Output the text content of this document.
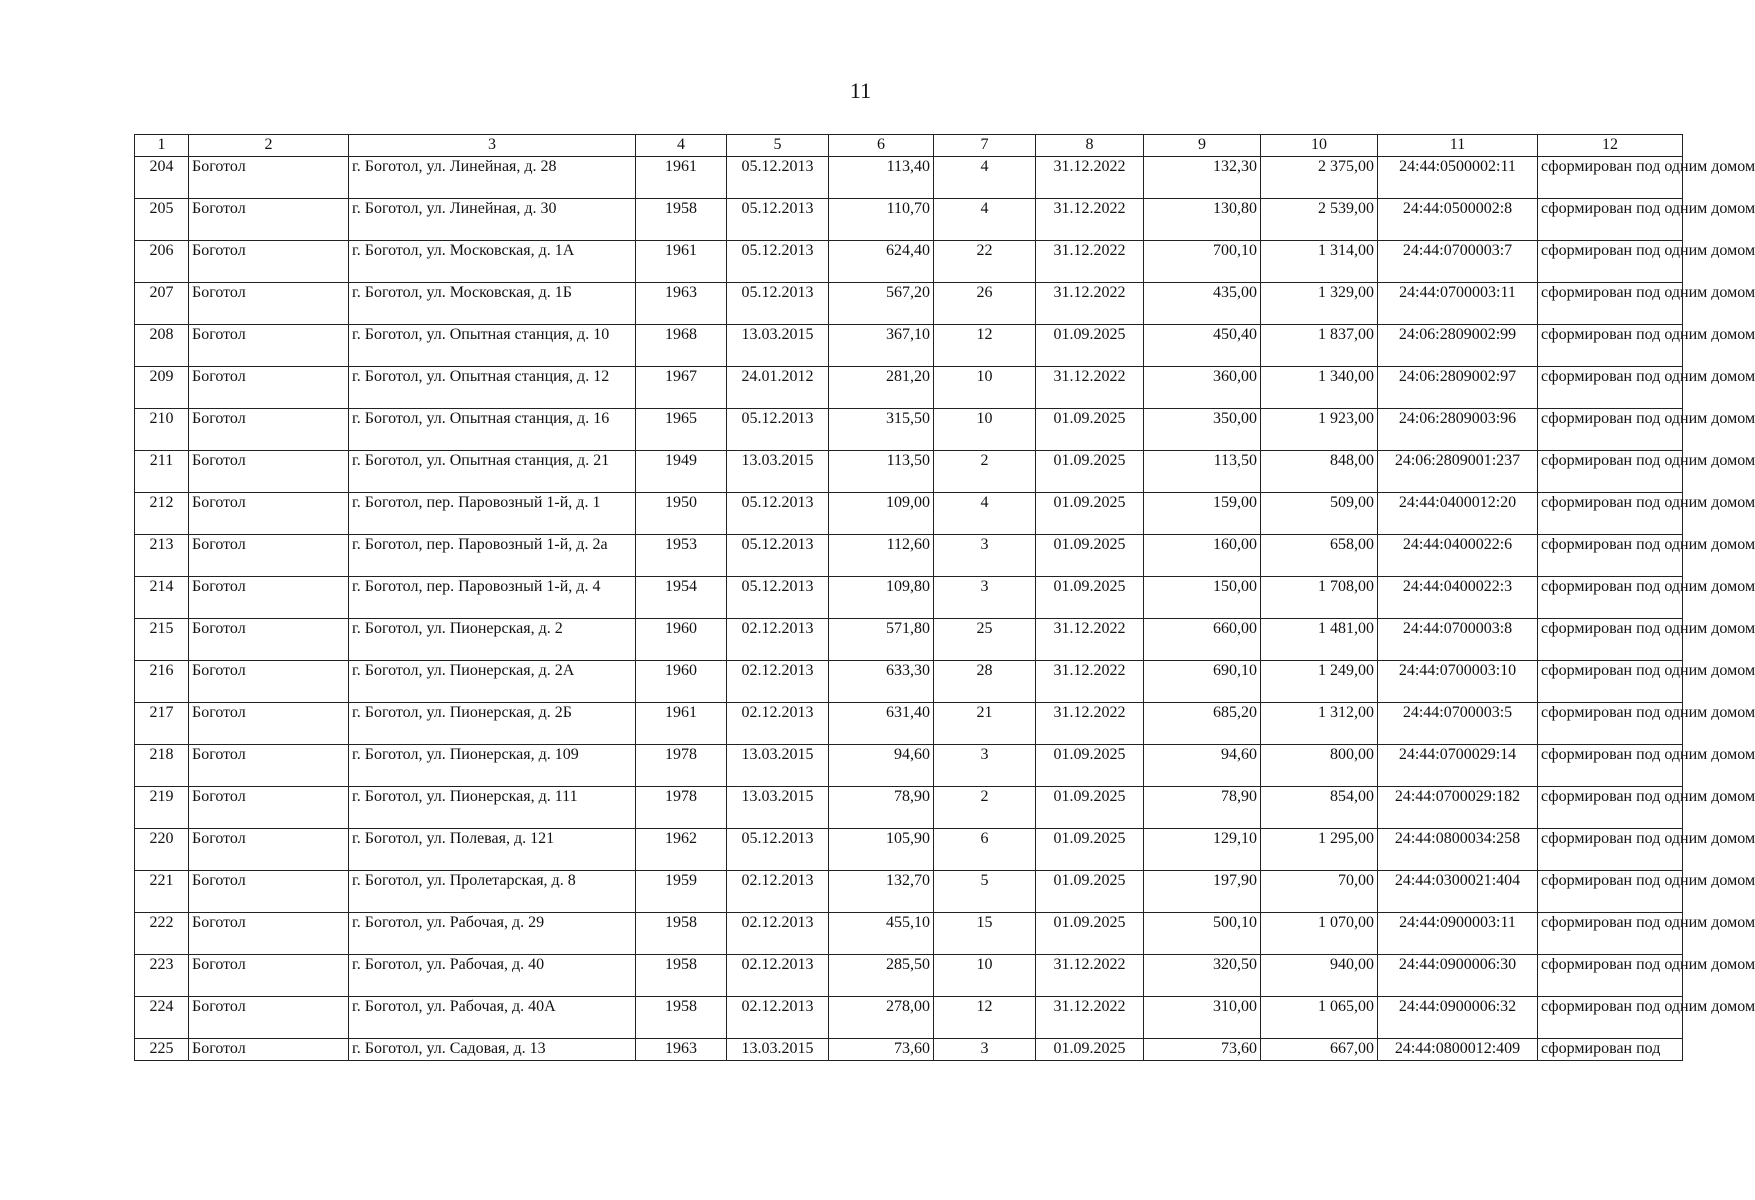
11
1	2	3	4	5	6	7	8	9	10	11	12
204	Боготол	г. Боготол, ул. Линейная, д. 28	1961	05.12.2013	113,40	4	31.12.2022	132,30	2 375,00	24:44:0500002:11	сформирован под одним домом
205	Боготол	г. Боготол, ул. Линейная, д. 30	1958	05.12.2013	110,70	4	31.12.2022	130,80	2 539,00	24:44:0500002:8	сформирован под одним домом
206	Боготол	г. Боготол, ул. Московская, д. 1А	1961	05.12.2013	624,40	22	31.12.2022	700,10	1 314,00	24:44:0700003:7	сформирован под одним домом
207	Боготол	г. Боготол, ул. Московская, д. 1Б	1963	05.12.2013	567,20	26	31.12.2022	435,00	1 329,00	24:44:0700003:11	сформирован под одним домом
208	Боготол	г. Боготол, ул. Опытная станция, д. 10	1968	13.03.2015	367,10	12	01.09.2025	450,40	1 837,00	24:06:2809002:99	сформирован под одним домом
209	Боготол	г. Боготол, ул. Опытная станция, д. 12	1967	24.01.2012	281,20	10	31.12.2022	360,00	1 340,00	24:06:2809002:97	сформирован под одним домом
210	Боготол	г. Боготол, ул. Опытная станция, д. 16	1965	05.12.2013	315,50	10	01.09.2025	350,00	1 923,00	24:06:2809003:96	сформирован под одним домом
211	Боготол	г. Боготол, ул. Опытная станция, д. 21	1949	13.03.2015	113,50	2	01.09.2025	113,50	848,00	24:06:2809001:237	сформирован под одним домом
212	Боготол	г. Боготол, пер. Паровозный 1-й, д. 1	1950	05.12.2013	109,00	4	01.09.2025	159,00	509,00	24:44:0400012:20	сформирован под одним домом
213	Боготол	г. Боготол, пер. Паровозный 1-й, д. 2а	1953	05.12.2013	112,60	3	01.09.2025	160,00	658,00	24:44:0400022:6	сформирован под одним домом
214	Боготол	г. Боготол, пер. Паровозный 1-й, д. 4	1954	05.12.2013	109,80	3	01.09.2025	150,00	1 708,00	24:44:0400022:3	сформирован под одним домом
215	Боготол	г. Боготол, ул. Пионерская, д. 2	1960	02.12.2013	571,80	25	31.12.2022	660,00	1 481,00	24:44:0700003:8	сформирован под одним домом
216	Боготол	г. Боготол, ул. Пионерская, д. 2А	1960	02.12.2013	633,30	28	31.12.2022	690,10	1 249,00	24:44:0700003:10	сформирован под одним домом
217	Боготол	г. Боготол, ул. Пионерская, д. 2Б	1961	02.12.2013	631,40	21	31.12.2022	685,20	1 312,00	24:44:0700003:5	сформирован под одним домом
218	Боготол	г. Боготол, ул. Пионерская, д. 109	1978	13.03.2015	94,60	3	01.09.2025	94,60	800,00	24:44:0700029:14	сформирован под одним домом
219	Боготол	г. Боготол, ул. Пионерская, д. 111	1978	13.03.2015	78,90	2	01.09.2025	78,90	854,00	24:44:0700029:182	сформирован под одним домом
220	Боготол	г. Боготол, ул. Полевая, д. 121	1962	05.12.2013	105,90	6	01.09.2025	129,10	1 295,00	24:44:0800034:258	сформирован под одним домом
221	Боготол	г. Боготол, ул. Пролетарская, д. 8	1959	02.12.2013	132,70	5	01.09.2025	197,90	70,00	24:44:0300021:404	сформирован под одним домом
222	Боготол	г. Боготол, ул. Рабочая, д. 29	1958	02.12.2013	455,10	15	01.09.2025	500,10	1 070,00	24:44:0900003:11	сформирован под одним домом
223	Боготол	г. Боготол, ул. Рабочая, д. 40	1958	02.12.2013	285,50	10	31.12.2022	320,50	940,00	24:44:0900006:30	сформирован под одним домом
224	Боготол	г. Боготол, ул. Рабочая, д. 40А	1958	02.12.2013	278,00	12	31.12.2022	310,00	1 065,00	24:44:0900006:32	сформирован под одним домом
225	Боготол	г. Боготол, ул. Садовая, д. 13	1963	13.03.2015	73,60	3	01.09.2025	73,60	667,00	24:44:0800012:409	сформирован под
